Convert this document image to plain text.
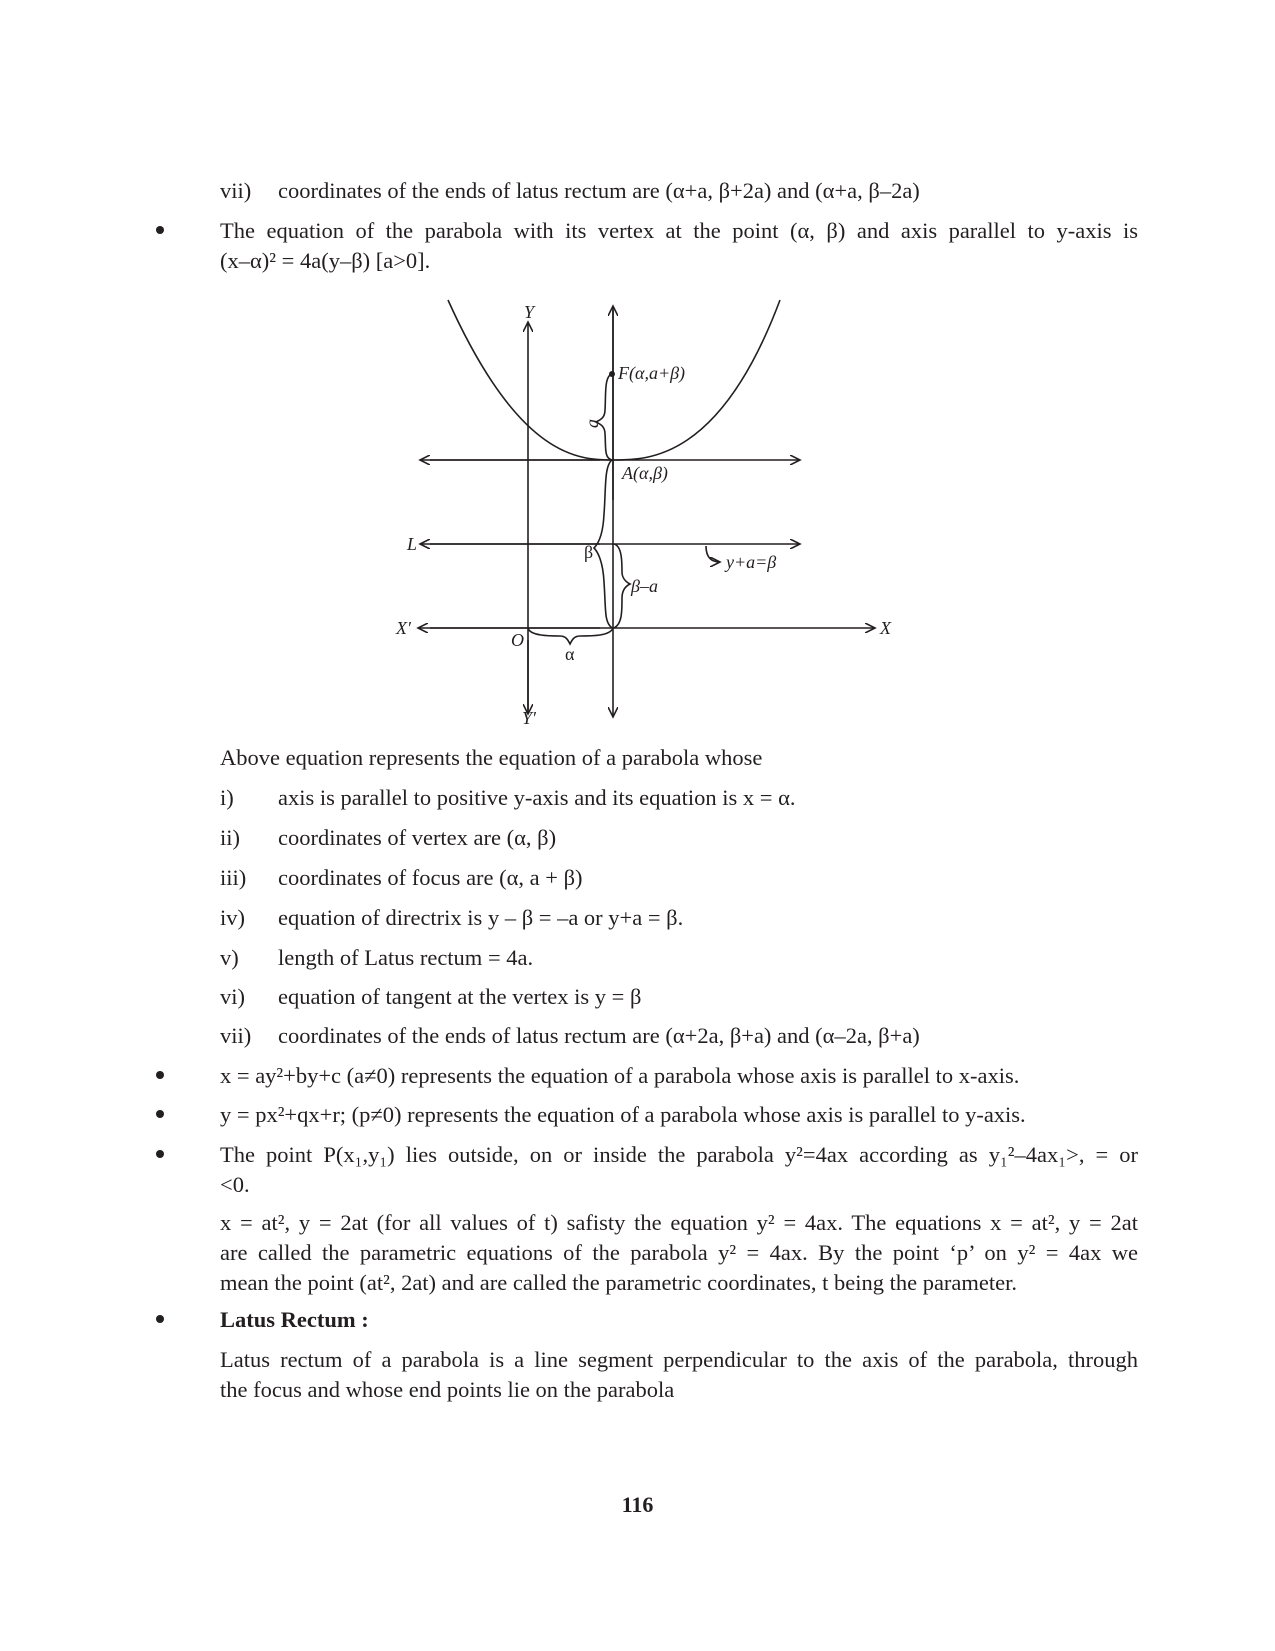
vii) coordinates of the ends of latus rectum are (α+a, β+2a) and (α+a, β–2a)
The equation of the parabola with its vertex at the point (α, β) and axis parallel to y-axis is
(x–α)² = 4a(y–β) [a>0].
Y
Y′
X
X′
O
L
F(α,a+β)
A(α,β)
y+a=β
a
β
β–a
α
Above equation represents the equation of a parabola whose
i) axis is parallel to positive y-axis and its equation is x = α.
ii) coordinates of vertex are (α, β)
iii) coordinates of focus are (α, a + β)
iv) equation of directrix is y – β = –a or y+a = β.
v) length of Latus rectum = 4a.
vi) equation of tangent at the vertex is y = β
vii) coordinates of the ends of latus rectum are (α+2a, β+a) and (α–2a, β+a)
x = ay²+by+c (a≠0) represents the equation of a parabola whose axis is parallel to x-axis.
y = px²+qx+r; (p≠0) represents the equation of a parabola whose axis is parallel to y-axis.
The point P(x₁,y₁) lies outside, on or inside the parabola y²=4ax according as y₁²–4ax₁>, = or
<0.
x = at², y = 2at (for all values of t) safisty the equation y² = 4ax. The equations x = at², y = 2at
are called the parametric equations of the parabola y² = 4ax. By the point ‘p’ on y² = 4ax we
mean the point (at², 2at) and are called the parametric coordinates, t being the parameter.
Latus Rectum :
Latus rectum of a parabola is a line segment perpendicular to the axis of the parabola, through
the focus and whose end points lie on the parabola
116
